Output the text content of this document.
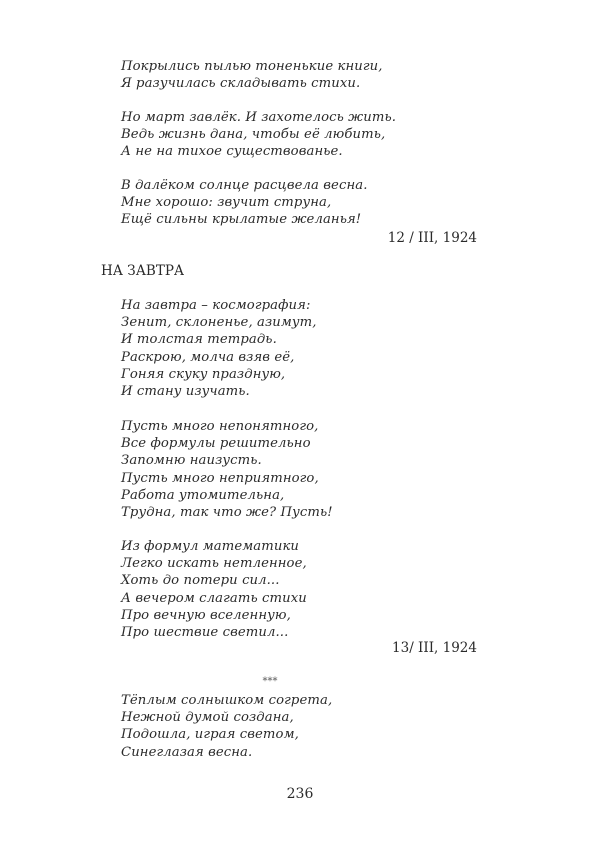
Покрылись пылью тоненькие книги,
Я разучилась складывать стихи.
Но март завлёк. И захотелось жить.
Ведь жизнь дана, чтобы её любить,
А не на тихое существованье.
В далёком солнце расцвела весна.
Мне хорошо: звучит струна,
Ещё сильны крылатые желанья!
12 / III, 1924
НА ЗАВТРА
На завтра – космография:
Зенит, склоненье, азимут,
И толстая тетрадь.
Раскрою, молча взяв её,
Гоняя скуку праздную,
И стану изучать.
Пусть много непонятного,
Все формулы решительно
Запомню наизусть.
Пусть много неприятного,
Работа утомительна,
Трудна, так что же? Пусть!
Из формул математики
Легко искать нетленное,
Хоть до потери сил...
А вечером слагать стихи
Про вечную вселенную,
Про шествие светил...
13/ III, 1924
***
Тёплым солнышком согрета,
Нежной думой создана,
Подошла, играя светом,
Синеглазая весна.
236
